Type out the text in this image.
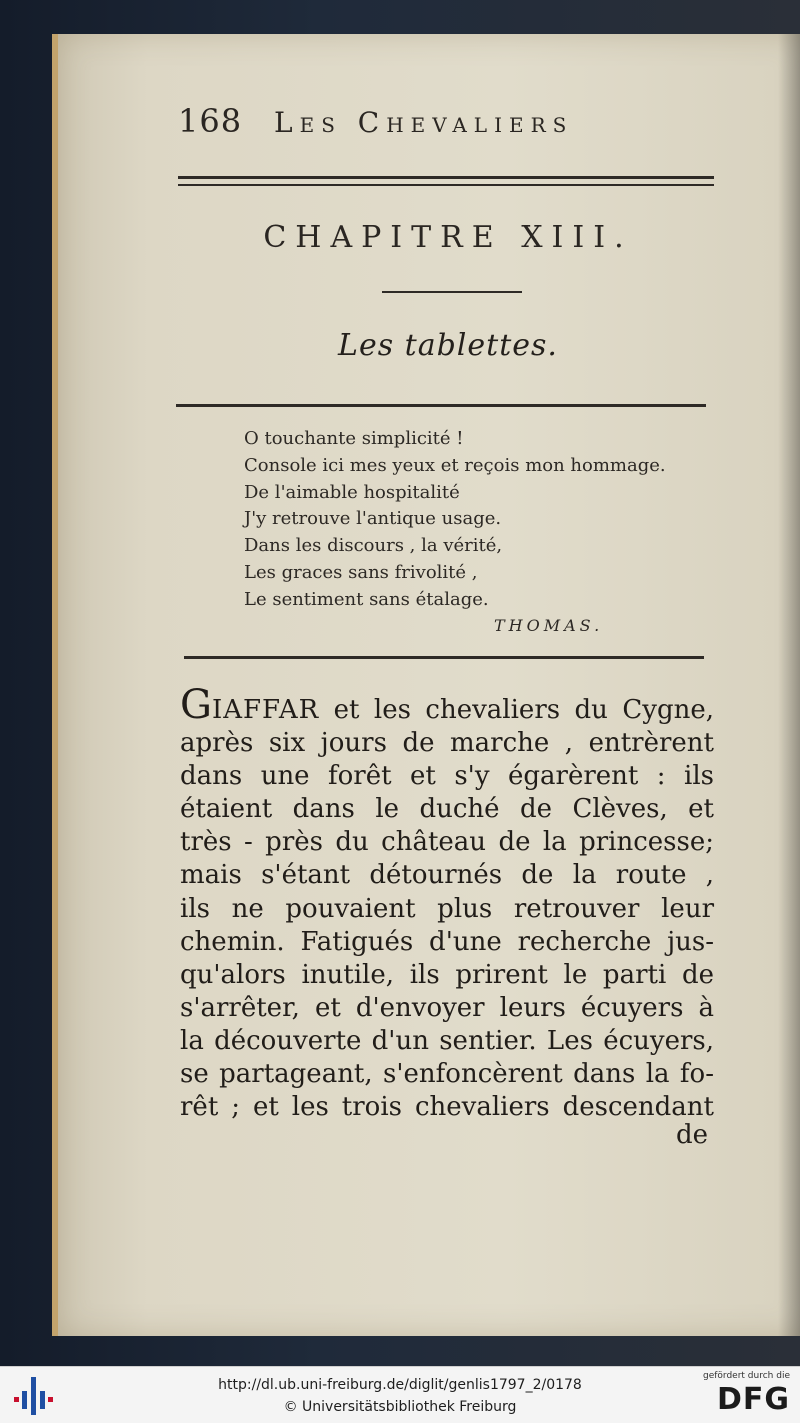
168 Les Chevaliers
CHAPITRE XIII.
Les tablettes.
O touchante simplicité !
Console ici mes yeux et reçois mon hommage.
De l'aimable hospitalité
J'y retrouve l'antique usage.
Dans les discours , la vérité,
Les graces sans frivolité ,
Le sentiment sans étalage.
THOMAS.
GIAFFAR et les chevaliers du Cygne,
après six jours de marche , entrèrent
dans une forêt et s'y égarèrent : ils
étaient dans le duché de Clèves, et
très - près du château de la princesse;
mais s'étant détournés de la route ,
ils ne pouvaient plus retrouver leur
chemin. Fatigués d'une recherche jus-
qu'alors inutile, ils prirent le parti de
s'arrêter, et d'envoyer leurs écuyers à
la découverte d'un sentier. Les écuyers,
se partageant, s'enfoncèrent dans la fo-
rêt ; et les trois chevaliers descendant
de
http://dl.ub.uni-freiburg.de/diglit/genlis1797_2/0178
© Universitätsbibliothek Freiburg
gefördert durch die
DFG
